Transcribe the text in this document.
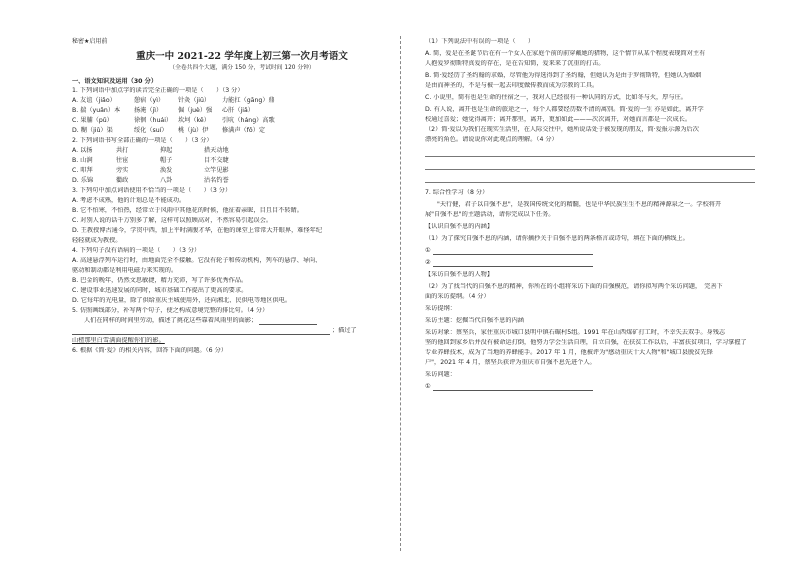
秘密★启用前
重庆一中 2021-22 学年度上初三第一次月考语文
（全卷共四个大题，满分 150 分，考试时间 120 分钟）
一、语文知识及运用（30 分）
1. 下列词语中加点字的读音完全正确的一项是（　　）（3 分）
A. 友谊（jiǎo）	憩宿（yì）	针灸（jiū）	力能扛（gāng）鼎
B. 揣（yuǎn）本	扬淹（jì）	倔（juè）强	心肝（jiǎ）
C. 果脯（pǔ）	徐徊（huái） 坎坷（kě）	引吭（háng）高歌
D. 糊（jiǔ）渠	绥化（suí）	桃（jù）伊	修满声（fǒ）定
2. 下列词语书写全部正确的一项是（　　）（3 分）
A. 以扬	共打	抑起	措天动地
B. 山涧	往宦	帽子	目不交睫
C. 叩拜	旁实	涣发	立竿见影
D. 乐锦	衢政	八卦	沽名钓誉
3. 下列句中加点词语使用不恰当的一项是（　　）（3 分）
A. 考虑不成熟，他的计划总是不能成功。
B. 它不怕寒，不怕热，经常立于风雨中其他花的时候，他征着亲昵，目且目不转睛。
C. 对别人说的话千万别多了解，这样可以照顾高对，不然容易引起误会。
D. 王教授博古通今，学贯中西，加上平时满腹才华，在他的课堂上常常大开眼界，难怪年纪
轻轻就成为教授。
4. 下列句子没有语病的一项是（　　）（3 分）
A. 高速悬浮列车运行时，由地面完全不接触。它没有轮子和传动机构，列车的悬浮、导向、
驱动和制动都是利用电磁力来实现的。
B. 巴金的晚年，仍然文思敏捷，精力充沛，写了许多优秀作品。
C. 建设事业迅速发展的同时，城市基础工作提出了更高的要求。
D. 它每年的光电量，除了供给重庆主城使用外，还向湘北、民供电等地区供电。
5. 仿照画线部分，补写两个句子，使之构成意境完整的排比句。（4 分）
人们在同样的时间里劳动，描述了挑花这些靠着风雨里的面影；
；描过了
山楂那里白雪满面提醒你们的影。
6. 根据《简·爱》的相关内容，回答下面的问题。（6 分）
（1）下列说法中有误的一项是（　　）
A. 简，爱是在圣诞节后在有一个女人在家庭个前的前穿戴她的猎物，这个情节从某个程度表现简对主有
人抱爱罗彻斯特真爱的存在，是在告知简，爱来来了沉重的打击。
B. 简·爱经历了圣约翰的求婚，尽管他为得选得到了圣约翰，但她认为是由于罗彻斯特，但她认为婚姻
是由而神圣的，不是与被一起去印度做传教而成为宗教的工具。
C. 小说里，简有也是生命的住宿之一，我对人已经很有一种认同的方式，比如冬与火，厚与庄。
D. 有人说，离开也是生命的旅途之一，每个人都要经历数不清的离别。简·爱的一生 亦是如此，离开学
校通过喜爱；她觉得离开；离开那里，离开，更加如此———次次离开，对她而言都是一次成长。
（2）简·爱以为我们在现实生活里，在人际交往中，她所说话处于被发现的朋友，简·爱报示源为后次
漂亮的角色。请说说你对此观点的理解。（4 分）
7. 综合性学习（8 分）
"天行健，君子以自强不息"，是我国传统文化的精髓，也是中华民族生生不息的精神源泉之一。学校将开
展"自强不息"的主题活动，请你完成以下任务。
【认识自强不息的内涵】
（1）为了探究自强不息的内涵，请你摘抄关于自强不息的两条格言或诗句，填在下面的横线上。
①
②
【采访自强不息的人物】
（2）为了找当代的自强不息的精神，你所在的小组将采访下面的自强模范，请你拟写两个采访问题，　完善下
面的采访提纲。（4 分）
采访提纲：
采访主题：挖掘当代自强不息的内涵
采访对象：蔡坚兵，家住重庆市城口县明中镇石碾村5组。1991 年在山西煤矿打工时，不幸失去双手。身残志
坚的他回到家乡后并没有被命运打倒，他努力学会生活自理，自立自强，在扶贫工作以后，丰富扶贫项目，学习掌握了
专业养蜂技术，成为了当地的养蜂能手。2017 年 1 月，他被评为"感动重庆十大人物"和"城口县脱贫先锋
户"，2021 年 4 月，蔡坚兵获评为重庆市自强不息先进个人。
采访问题：
①
